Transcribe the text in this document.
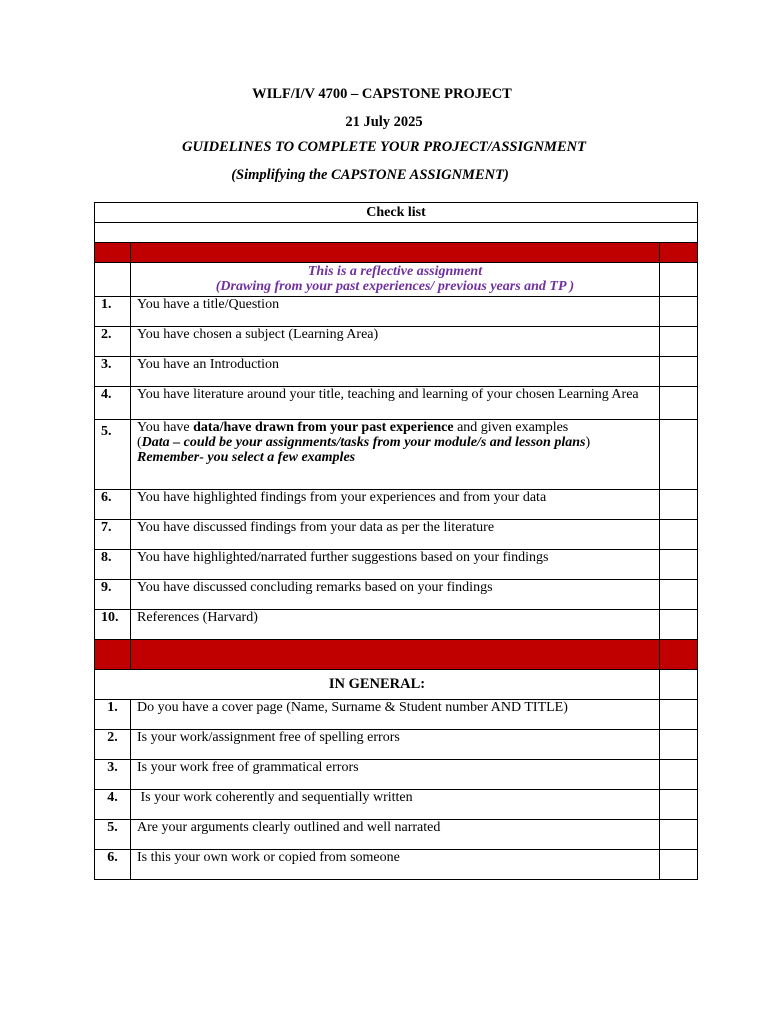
WILF/I/V 4700 – CAPSTONE PROJECT
21 July 2025
GUIDELINES TO COMPLETE YOUR PROJECT/ASSIGNMENT
(Simplifying the CAPSTONE ASSIGNMENT)
Check list		

	This is a reflective assignment
(Drawing from your past experiences/ previous years and TP )	

1.	You have a title/Question	
2.	You have chosen a subject (Learning Area)	
3.	You have an Introduction	
4.	You have literature around your title, teaching and learning of your chosen Learning Area	
5.	You have data/have drawn from your past experience and given examples
(Data – could be your assignments/tasks from your module/s and lesson plans)
Remember- you select a few examples	

6.	You have highlighted findings from your experiences and from your data	
7.	You have discussed findings from your data as per the literature	
8.	You have highlighted/narrated further suggestions based on your findings	
9.	You have discussed concluding remarks based on your findings	
10.	References (Harvard)	

IN GENERAL:		
1.	Do you have a cover page (Name, Surname & Student number AND TITLE)	
2.	Is your work/assignment free of spelling errors	
3.	Is your work free of grammatical errors	
4.	Is your work coherently and sequentially written	
5.	Are your arguments clearly outlined and well narrated	
6.	Is this your own work or copied from someone	
